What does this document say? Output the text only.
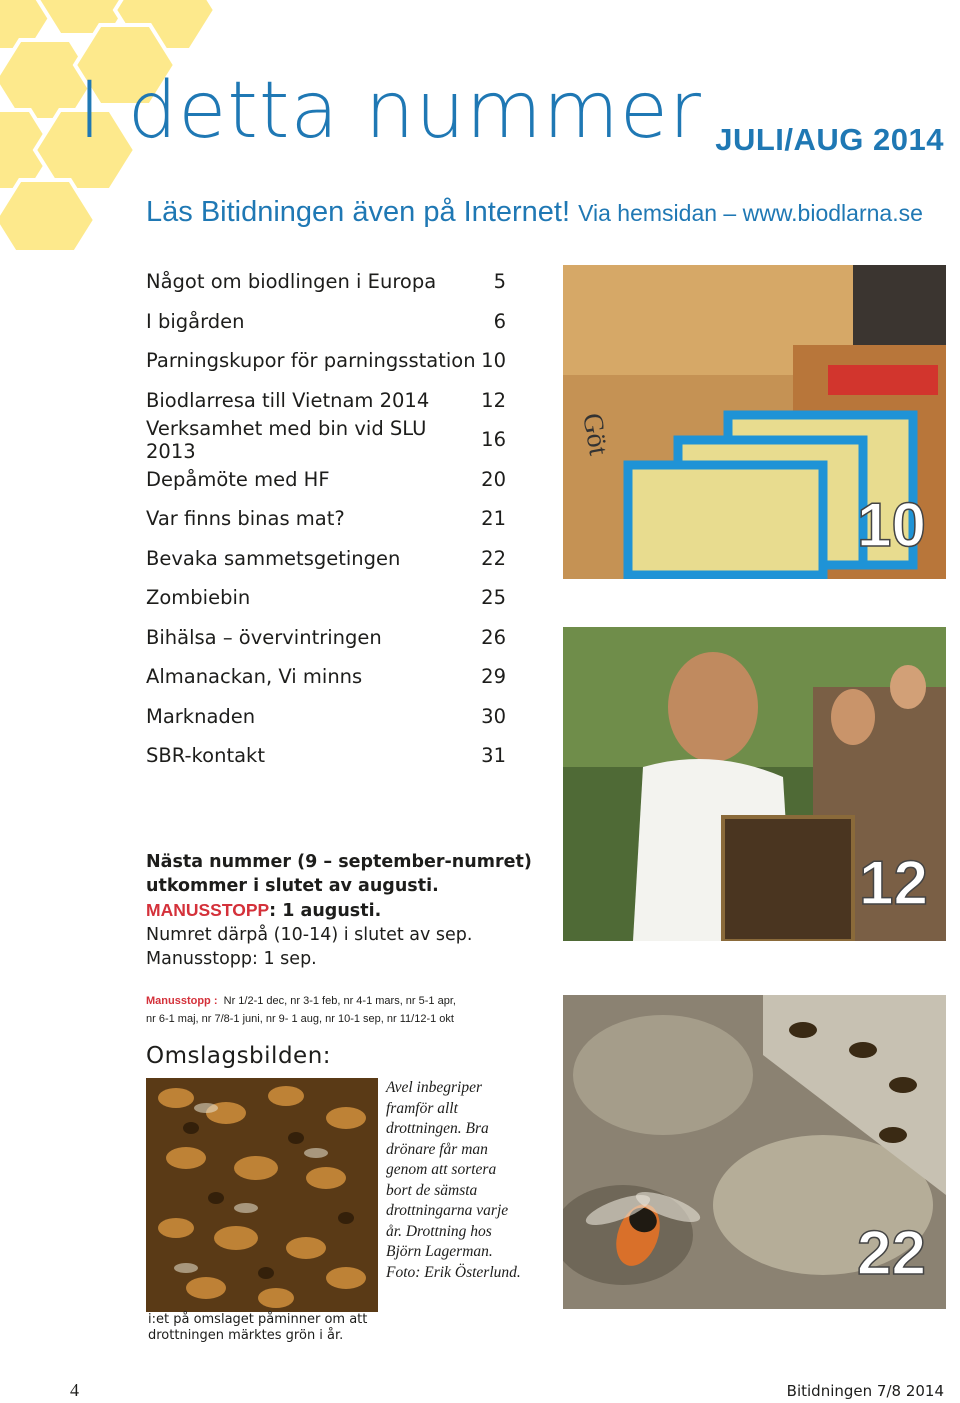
I detta nummer JULI/AUG 2014
Läs Bitidningen även på Internet! Via hemsidan – www.biodlarna.se
Något om biodlingen i Europa	5
I bigården	6
Parningskupor för parningsstation 10
Biodlarresa till Vietnam 2014	12
Verksamhet med bin vid SLU 2013	16
Depåmöte med HF	20
Var finns binas mat?	21
Bevaka sammetsgetingen	22
Zombiebin	25
Bihälsa – övervintringen	26
Almanackan, Vi minns	29
Marknaden	30
SBR-kontakt	31
Nästa nummer (9 – september-numret)
utkommer i slutet av augusti.
MANUSSTOPP: 1 augusti.
Numret därpå (10-14) i slutet av sep.
Manusstopp: 1 sep.
Manusstopp : Nr 1/2-1 dec, nr 3-1 feb, nr 4-1 mars, nr 5-1 apr,
nr 6-1 maj, nr 7/8-1 juni, nr 9- 1 aug, nr 10-1 sep, nr 11/12-1 okt
Omslagsbilden:
Avel inbegriper framför allt drottningen. Bra drönare får man genom att sortera bort de sämsta drottningarna varje år. Drottning hos Björn Lagerman. Foto: Erik Österlund.
i:et på omslaget påminner om att drottningen märktes grön i år.
Göt
10
12
22
4	Bitidningen 7/8 2014
